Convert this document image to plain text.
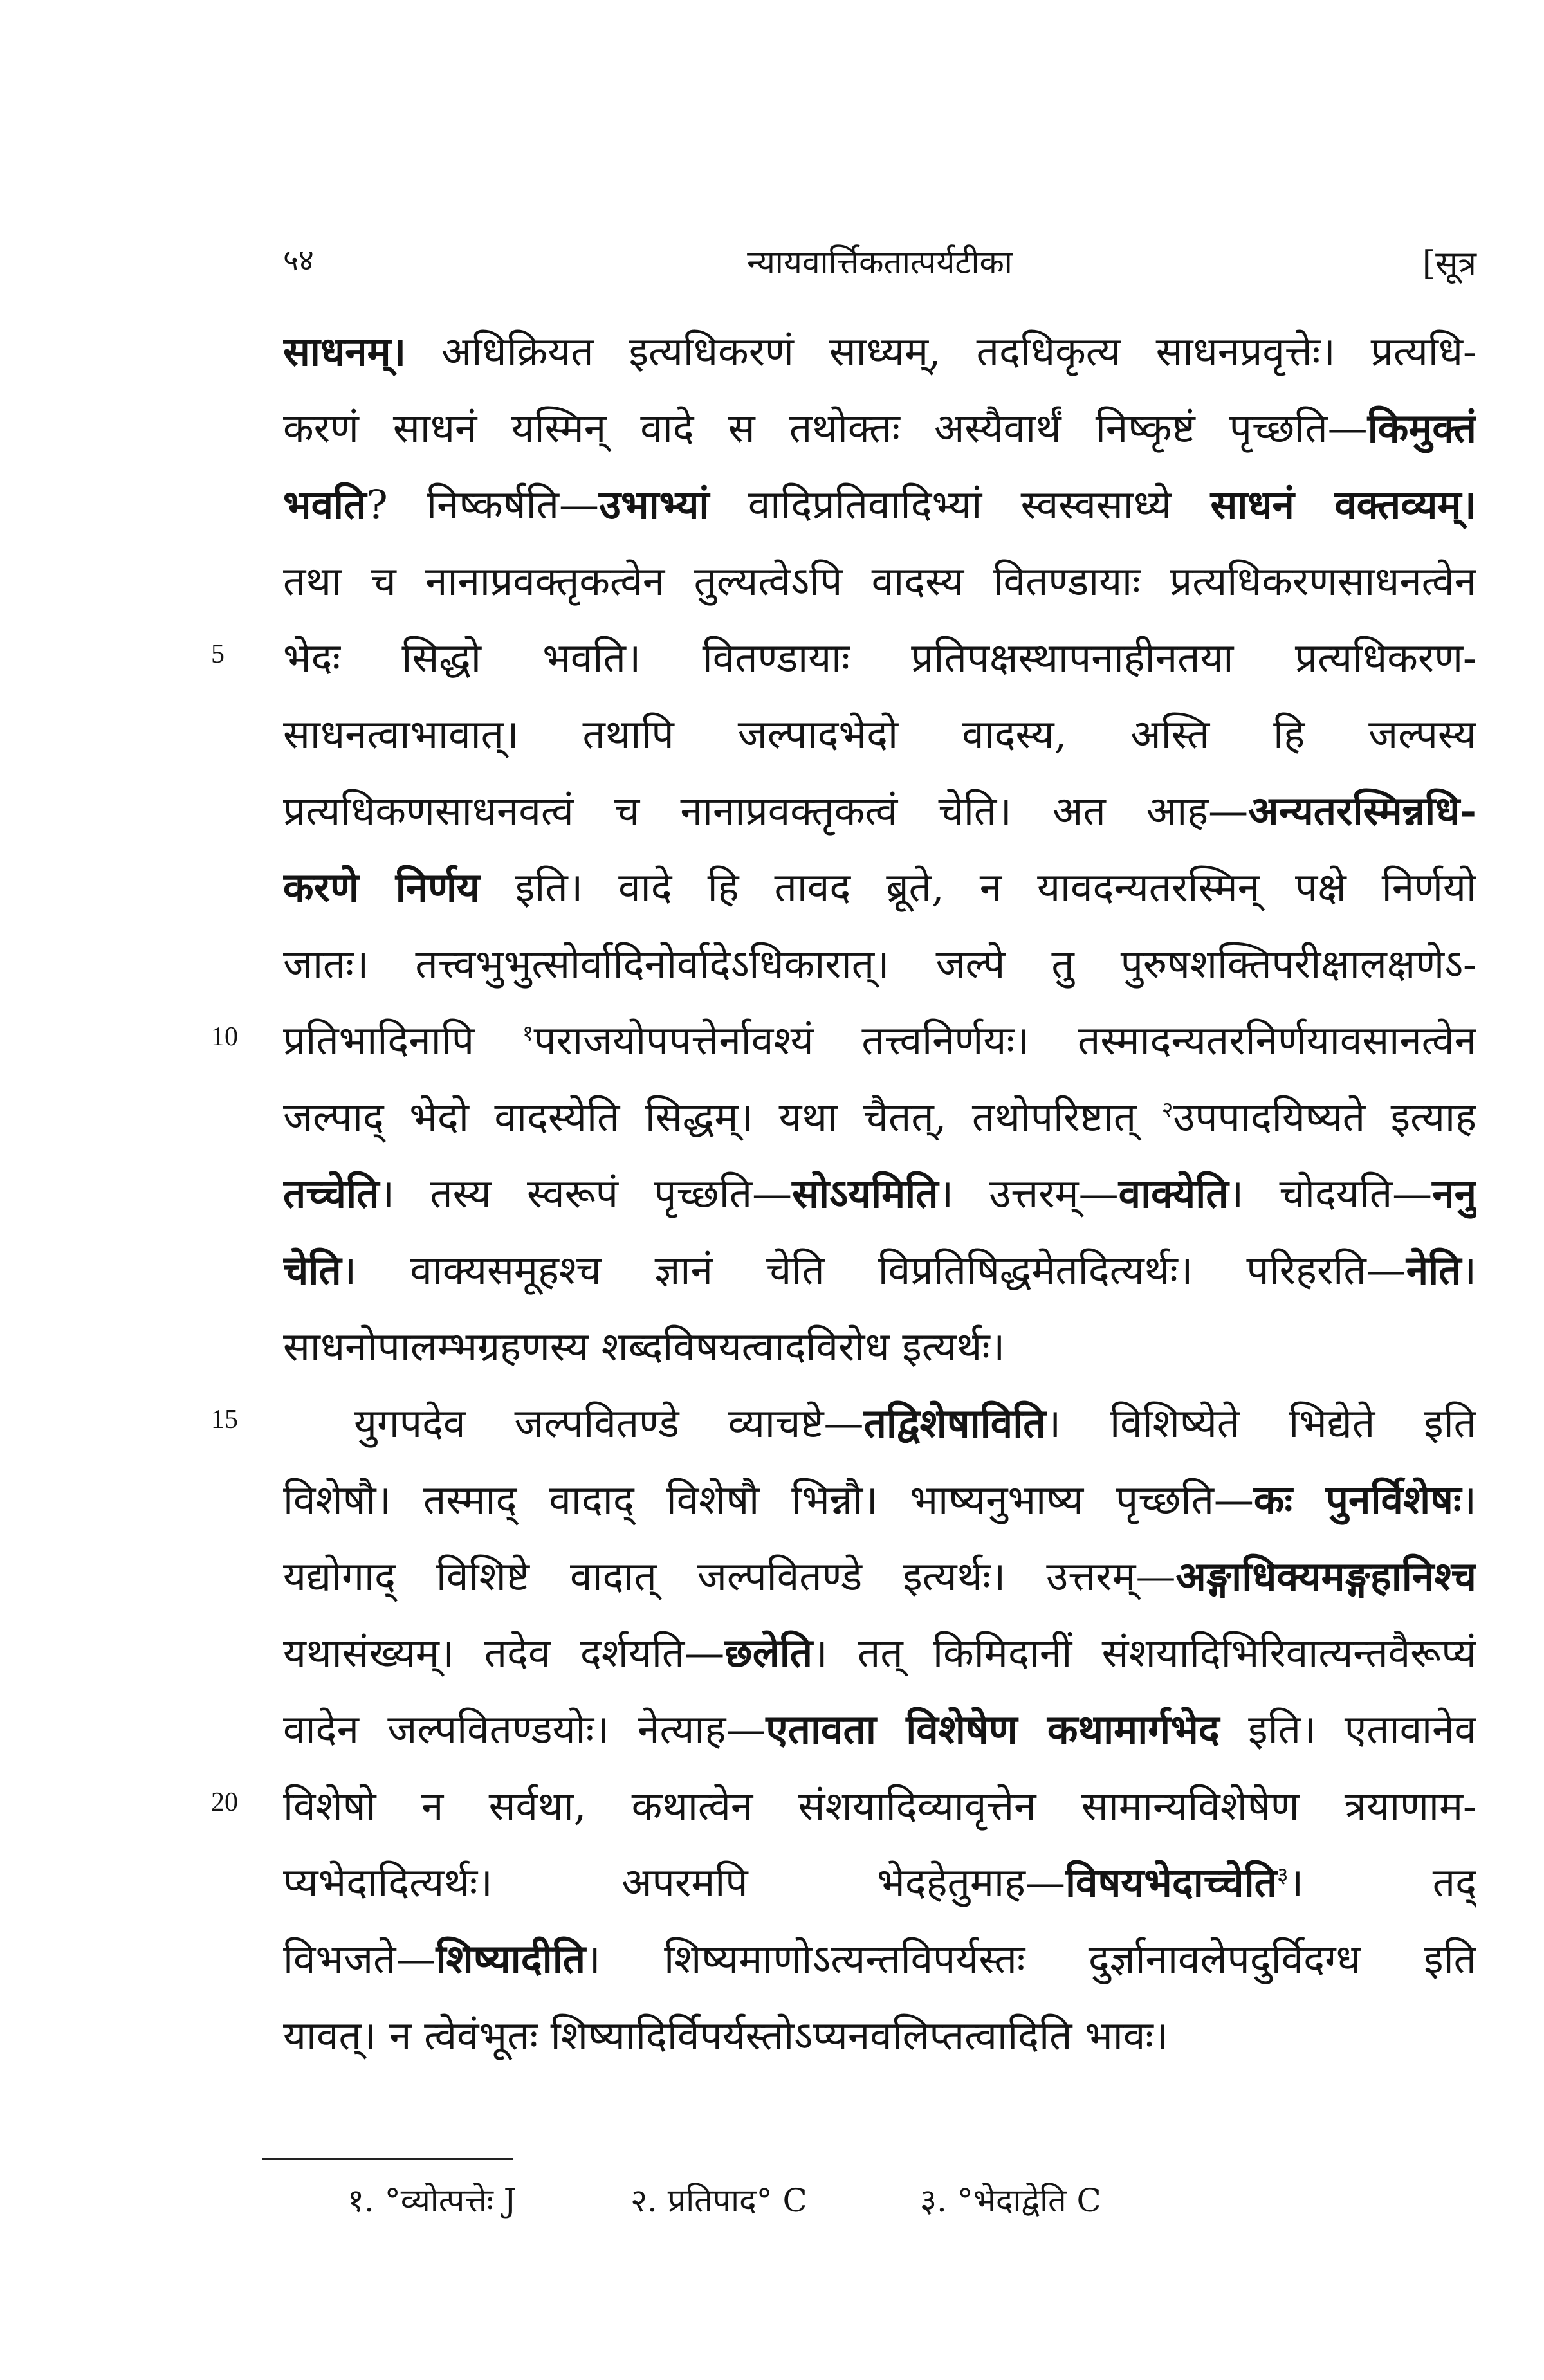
५४	न्यायवार्त्तिकतात्पर्यटीका	[सूत्र
साधनम्। अधिक्रियत इत्यधिकरणं साध्यम्, तदधिकृत्य साधनप्रवृत्तेः। प्रत्यधि-
करणं साधनं यस्मिन् वादे स तथोक्तः अस्यैवार्थं निष्कृष्टं पृच्छति—किमुक्तं
भवति? निष्कर्षति—उभाभ्यां वादिप्रतिवादिभ्यां स्वस्वसाध्ये साधनं वक्तव्यम्।
तथा च नानाप्रवक्तृकत्वेन तुल्यत्वेऽपि वादस्य वितण्डायाः प्रत्यधिकरणसाधनत्वेन
भेदः सिद्धो भवति। वितण्डायाः प्रतिपक्षस्थापनाहीनतया प्रत्यधिकरण-
साधनत्वाभावात्। तथापि जल्पादभेदो वादस्य, अस्ति हि जल्पस्य
प्रत्यधिकणसाधनवत्वं च नानाप्रवक्तृकत्वं चेति। अत आह—अन्यतरस्मिन्नधि-
करणे निर्णय इति। वादे हि तावद ब्रूते, न यावदन्यतरस्मिन् पक्षे निर्णयो
जातः। तत्त्वभुभुत्सोर्वादिनोर्वादेऽधिकारात्। जल्पे तु पुरुषशक्तिपरीक्षालक्षणेऽ-
प्रतिभादिनापि $^१$पराजयोपपत्तेर्नावश्यं तत्त्वनिर्णयः। तस्मादन्यतरनिर्णयावसानत्वेन
जल्पाद् भेदो वादस्येति सिद्धम्। यथा चैतत्, तथोपरिष्टात् $^२$उपपादयिष्यते इत्याह
तच्चेति। तस्य स्वरूपं पृच्छति—सोऽयमिति। उत्तरम्—वाक्येति। चोदयति—ननु
चेति। वाक्यसमूहश्च ज्ञानं चेति विप्रतिषिद्धमेतदित्यर्थः। परिहरति—नेति।
साधनोपालम्भग्रहणस्य शब्दविषयत्वादविरोध इत्यर्थः।
युगपदेव जल्पवितण्डे व्याचष्टे—तद्विशेषाविति। विशिष्येते भिद्येते इति
विशेषौ। तस्माद् वादाद् विशेषौ भिन्नौ। भाष्यनुभाष्य पृच्छति—कः पुनर्विशेषः।
यद्योगाद् विशिष्टे वादात् जल्पवितण्डे इत्यर्थः। उत्तरम्—अङ्गाधिक्यमङ्गहानिश्च
यथासंख्यम्। तदेव दर्शयति—छलेति। तत् किमिदानीं संशयादिभिरिवात्यन्तवैरूप्यं
वादेन जल्पवितण्डयोः। नेत्याह—एतावता विशेषेण कथामार्गभेद इति। एतावानेव
विशेषो न सर्वथा, कथात्वेन संशयादिव्यावृत्तेन सामान्यविशेषेण त्रयाणाम-
प्यभेदादित्यर्थः। अपरमपि भेदहेतुमाह—विषयभेदाच्चेति$^३$। तद्
विभजते—शिष्यादीति। शिष्यमाणोऽत्यन्तविपर्यस्तः दुर्ज्ञानावलेपदुर्विदग्ध इति
यावत्। न त्वेवंभूतः शिष्यादिर्विपर्यस्तोऽप्यनवलिप्तत्वादिति भावः।
5
10
15
20
१. °व्योत्पत्तेः J	२. प्रतिपाद° C	३. °भेदाद्वेति C
